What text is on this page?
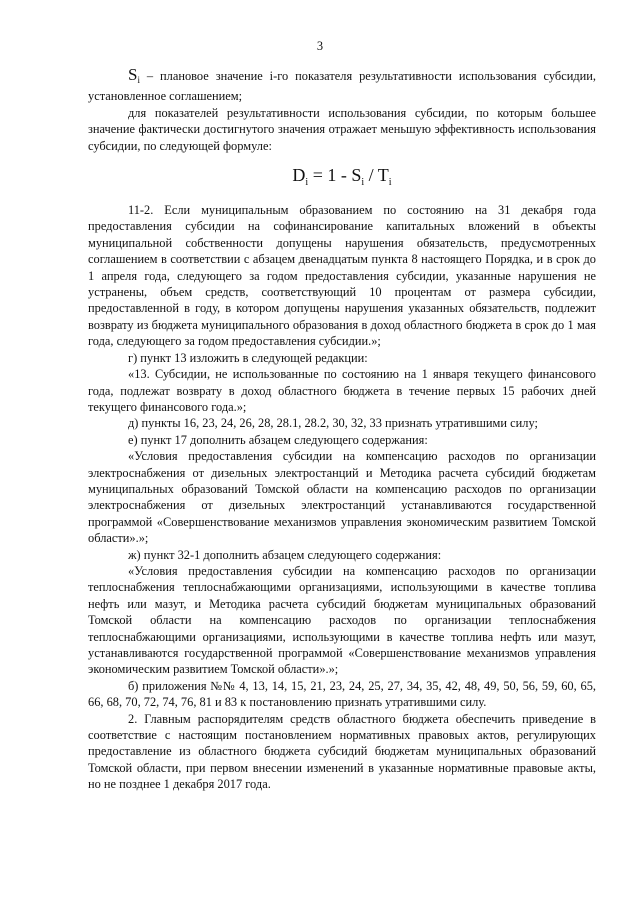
3

$S_i$ – плановое значение i-го показателя результативности использования субсидии, установленное соглашением;

для показателей результативности использования субсидии, по которым большее значение фактически достигнутого значения отражает меньшую эффективность использования субсидии, по следующей формуле:

$D_i = 1 - S_i / T_i$

11-2. Если муниципальным образованием по состоянию на 31 декабря года предоставления субсидии на софинансирование капитальных вложений в объекты муниципальной собственности допущены нарушения обязательств, предусмотренных соглашением в соответствии с абзацем двенадцатым пункта 8 настоящего Порядка, и в срок до 1 апреля года, следующего за годом предоставления субсидии, указанные нарушения не устранены, объем средств, соответствующий 10 процентам от размера субсидии, предоставленной в году, в котором допущены нарушения указанных обязательств, подлежит возврату из бюджета муниципального образования в доход областного бюджета в срок до 1 мая года, следующего за годом предоставления субсидии.»;

г) пункт 13 изложить в следующей редакции:

«13. Субсидии, не использованные по состоянию на 1 января текущего финансового года, подлежат возврату в доход областного бюджета в течение первых 15 рабочих дней текущего финансового года.»;

д) пункты 16, 23, 24, 26, 28, 28.1, 28.2, 30, 32, 33 признать утратившими силу;

е) пункт 17 дополнить абзацем следующего содержания:

«Условия предоставления субсидии на компенсацию расходов по организации электроснабжения от дизельных электростанций и Методика расчета субсидий бюджетам муниципальных образований Томской области на компенсацию расходов по организации электроснабжения от дизельных электростанций устанавливаются государственной программой «Совершенствование механизмов управления экономическим развитием Томской области».»;

ж) пункт 32-1 дополнить абзацем следующего содержания:

«Условия предоставления субсидии на компенсацию расходов по организации теплоснабжения теплоснабжающими организациями, использующими в качестве топлива нефть или мазут, и Методика расчета субсидий бюджетам муниципальных образований Томской области на компенсацию расходов по организации теплоснабжения теплоснабжающими организациями, использующими в качестве топлива нефть или мазут, устанавливаются государственной программой «Совершенствование механизмов управления экономическим развитием Томской области».»;

б) приложения №№ 4, 13, 14, 15, 21, 23, 24, 25, 27, 34, 35, 42, 48, 49, 50, 56, 59, 60, 65, 66, 68, 70, 72, 74, 76, 81 и 83 к постановлению признать утратившими силу.

2. Главным распорядителям средств областного бюджета обеспечить приведение в соответствие с настоящим постановлением нормативных правовых актов, регулирующих предоставление из областного бюджета субсидий бюджетам муниципальных образований Томской области, при первом внесении изменений в указанные нормативные правовые акты, но не позднее 1 декабря 2017 года.
